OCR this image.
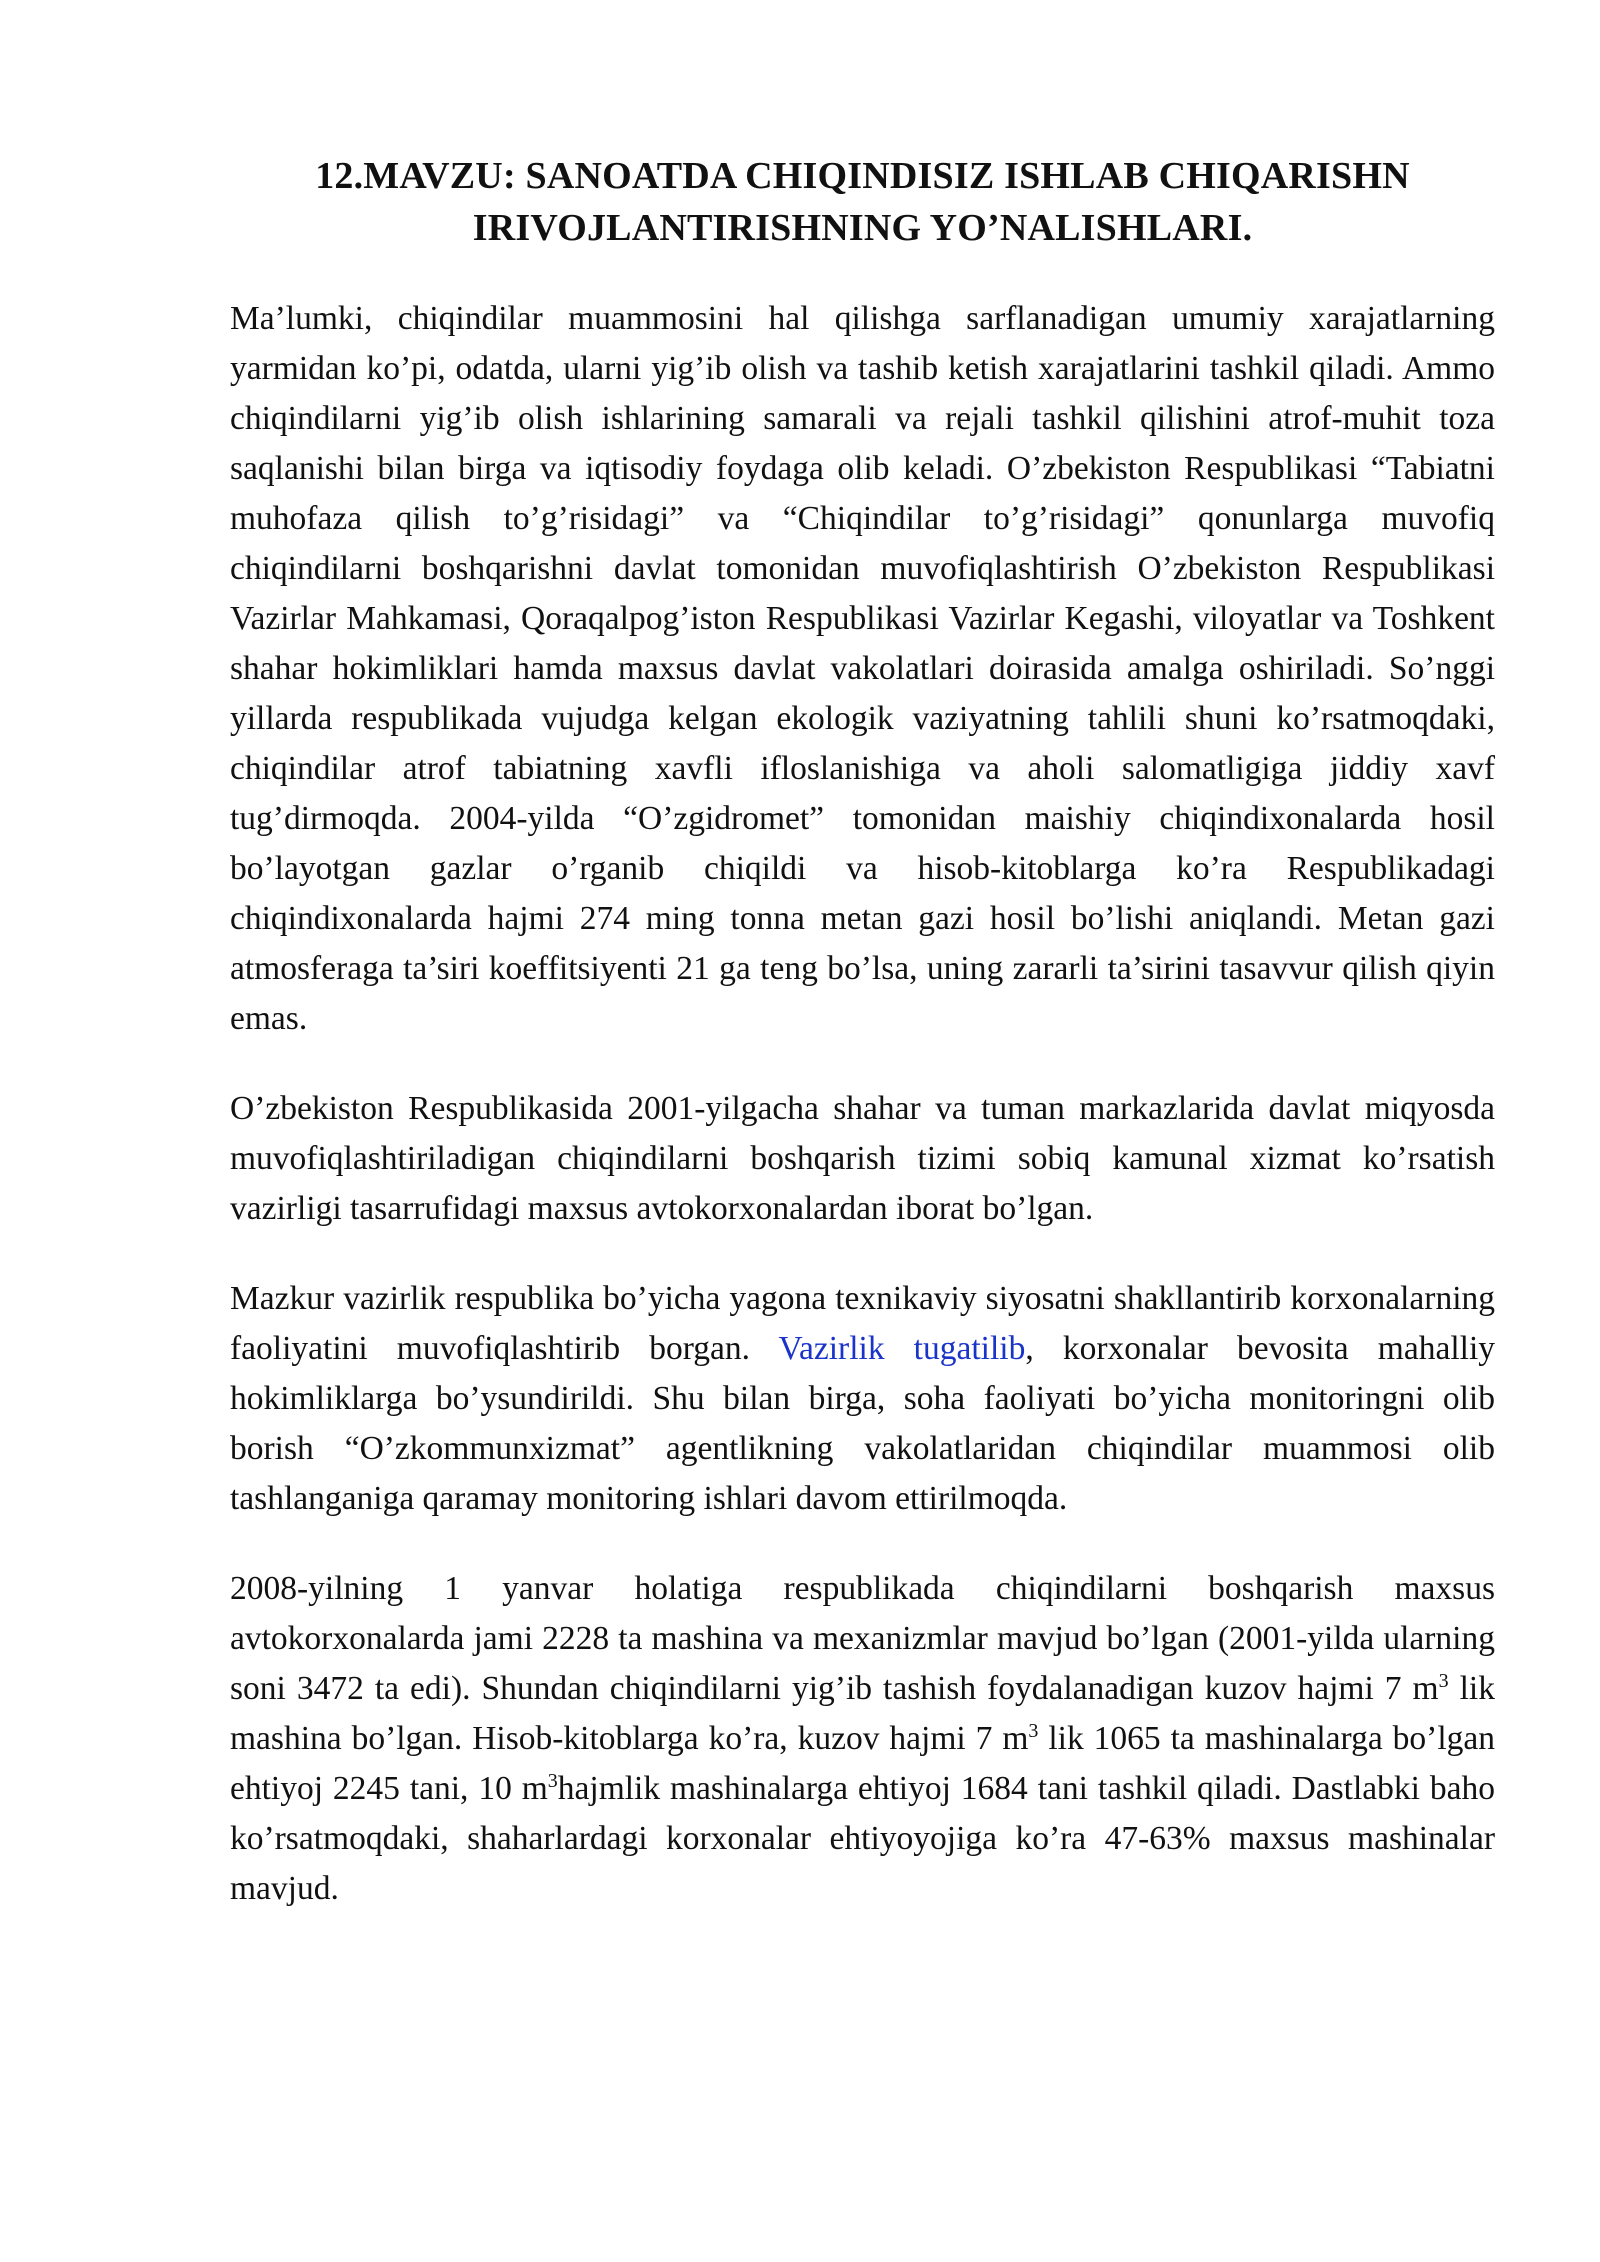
12.MAVZU: SANOATDA CHIQINDISIZ ISHLAB CHIQARISHN
IRIVOJLANTIRISHNING YO’NALISHLARI.

Ma’lumki, chiqindilar muammosini hal qilishga sarflanadigan umumiy xarajatlarning yarmidan ko’pi, odatda, ularni yig’ib olish va tashib ketish xarajatlarini tashkil qiladi. Ammo chiqindilarni yig’ib olish ishlarining samarali va rejali tashkil qilishini atrof-muhit toza saqlanishi bilan birga va iqtisodiy foydaga olib keladi. O’zbekiston Respublikasi “Tabiatni muhofaza qilish to’g’risidagi” va “Chiqindilar to’g’risidagi” qonunlarga muvofiq chiqindilarni boshqarishni davlat tomonidan muvofiqlashtirish O’zbekiston Respublikasi Vazirlar Mahkamasi, Qoraqalpog’iston Respublikasi Vazirlar Kegashi, viloyatlar va Toshkent shahar hokimliklari hamda maxsus davlat vakolatlari doirasida amalga oshiriladi. So’nggi yillarda respublikada vujudga kelgan ekologik vaziyatning tahlili shuni ko’rsatmoqdaki, chiqindilar atrof tabiatning xavfli ifloslanishiga va aholi salomatligiga jiddiy xavf tug’dirmoqda. 2004-yilda “O’zgidromet” tomonidan maishiy chiqindixonalarda hosil bo’layotgan gazlar o’rganib chiqildi va hisob-kitoblarga ko’ra Respublikadagi chiqindixonalarda hajmi 274 ming tonna metan gazi hosil bo’lishi aniqlandi. Metan gazi atmosferaga ta’siri koeffitsiyenti 21 ga teng bo’lsa, uning zararli ta’sirini tasavvur qilish qiyin emas.

O’zbekiston Respublikasida 2001-yilgacha shahar va tuman markazlarida davlat miqyosda muvofiqlashtiriladigan chiqindilarni boshqarish tizimi sobiq kamunal xizmat ko’rsatish vazirligi tasarrufidagi maxsus avtokorxonalardan iborat bo’lgan.

Mazkur vazirlik respublika bo’yicha yagona texnikaviy siyosatni shakllantirib korxonalarning faoliyatini muvofiqlashtirib borgan. Vazirlik tugatilib, korxonalar bevosita mahalliy hokimliklarga bo’ysundirildi. Shu bilan birga, soha faoliyati bo’yicha monitoringni olib borish “O’zkommunxizmat” agentlikning vakolatlaridan chiqindilar muammosi olib tashlanganiga qaramay monitoring ishlari davom ettirilmoqda.

2008-yilning 1 yanvar holatiga respublikada chiqindilarni boshqarish maxsus avtokorxonalarda jami 2228 ta mashina va mexanizmlar mavjud bo’lgan (2001-yilda ularning soni 3472 ta edi). Shundan chiqindilarni yig’ib tashish foydalanadigan kuzov hajmi 7 $m^3$ lik mashina bo’lgan. Hisob-kitoblarga ko’ra, kuzov hajmi 7 $m^3$ lik 1065 ta mashinalarga bo’lgan ehtiyoj 2245 tani, 10 $m^3hajmlik$ mashinalarga ehtiyoj 1684 tani tashkil qiladi. Dastlabki baho ko’rsatmoqdaki, shaharlardagi korxonalar ehtiyoyojiga ko’ra 47-63% maxsus mashinalar mavjud.
